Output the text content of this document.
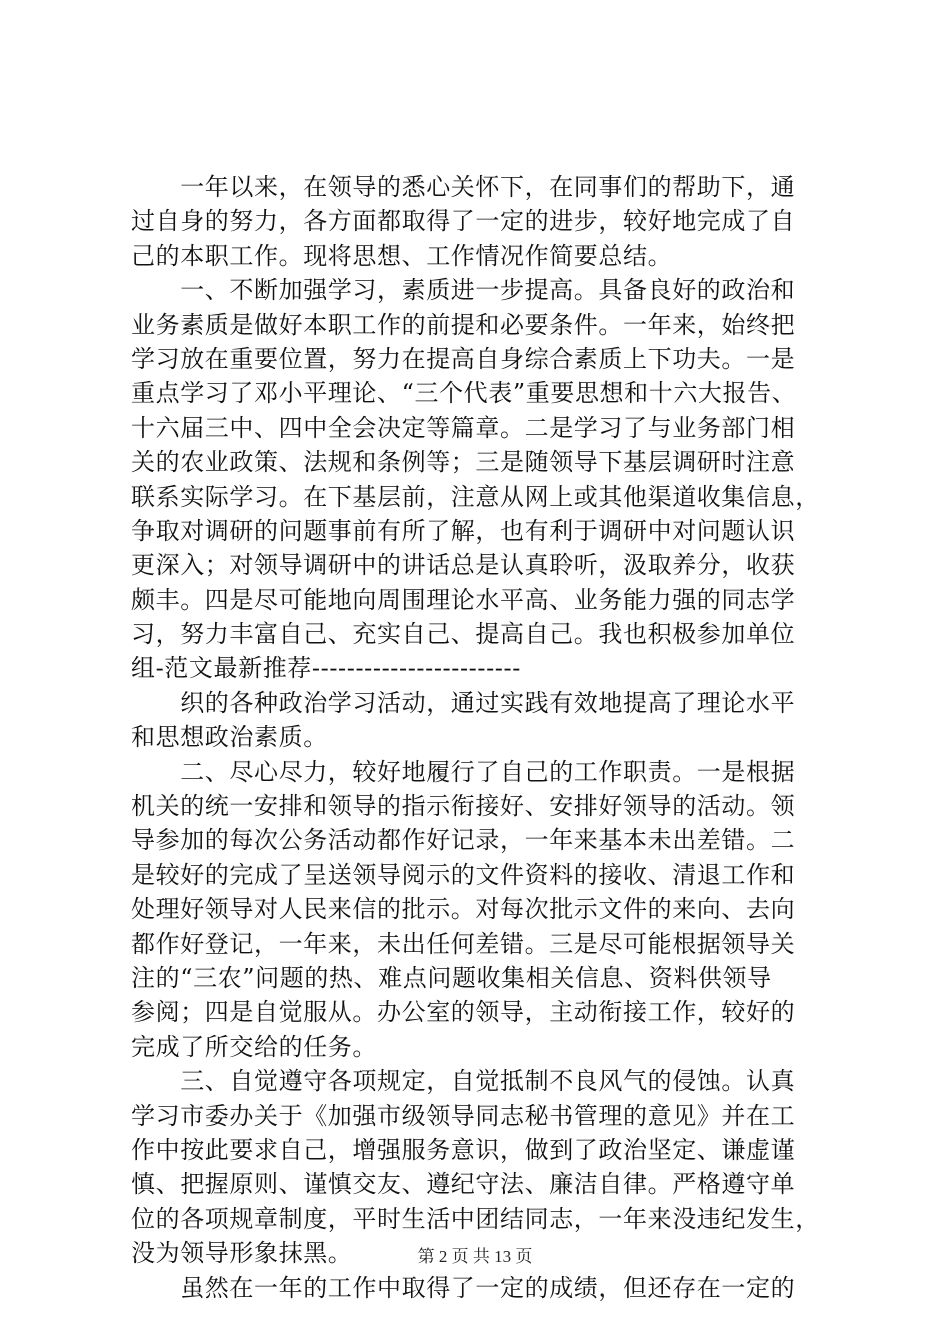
　　一年以来，在领导的悉心关怀下，在同事们的帮助下，通
过自身的努力，各方面都取得了一定的进步，较好地完成了自
己的本职工作。现将思想、工作情况作简要总结。
　　一、不断加强学习，素质进一步提高。具备良好的政治和
业务素质是做好本职工作的前提和必要条件。一年来，始终把
学习放在重要位置，努力在提高自身综合素质上下功夫。一是
重点学习了邓小平理论、“三个代表”重要思想和十六大报告、
十六届三中、四中全会决定等篇章。二是学习了与业务部门相
关的农业政策、法规和条例等；三是随领导下基层调研时注意
联系实际学习。在下基层前，注意从网上或其他渠道收集信息，
争取对调研的问题事前有所了解，也有利于调研中对问题认识
更深入；对领导调研中的讲话总是认真聆听，汲取养分，收获
颇丰。四是尽可能地向周围理论水平高、业务能力强的同志学
习，努力丰富自己、充实自己、提高自己。我也积极参加单位
组-范文最新推荐------------------------
　　织的各种政治学习活动，通过实践有效地提高了理论水平
和思想政治素质。
　　二、尽心尽力，较好地履行了自己的工作职责。一是根据
机关的统一安排和领导的指示衔接好、安排好领导的活动。领
导参加的每次公务活动都作好记录，一年来基本未出差错。二
是较好的完成了呈送领导阅示的文件资料的接收、清退工作和
处理好领导对人民来信的批示。对每次批示文件的来向、去向
都作好登记，一年来，未出任何差错。三是尽可能根据领导关
注的“三农”问题的热、难点问题收集相关信息、资料供领导
参阅；四是自觉服从。办公室的领导，主动衔接工作，较好的
完成了所交给的任务。
　　三、自觉遵守各项规定，自觉抵制不良风气的侵蚀。认真
学习市委办关于《加强市级领导同志秘书管理的意见》并在工
作中按此要求自己，增强服务意识，做到了政治坚定、谦虚谨
慎、把握原则、谨慎交友、遵纪守法、廉洁自律。严格遵守单
位的各项规章制度，平时生活中团结同志，一年来没违纪发生，
没为领导形象抹黑。
　　虽然在一年的工作中取得了一定的成绩，但还存在一定的
第 2 页 共 13 页
